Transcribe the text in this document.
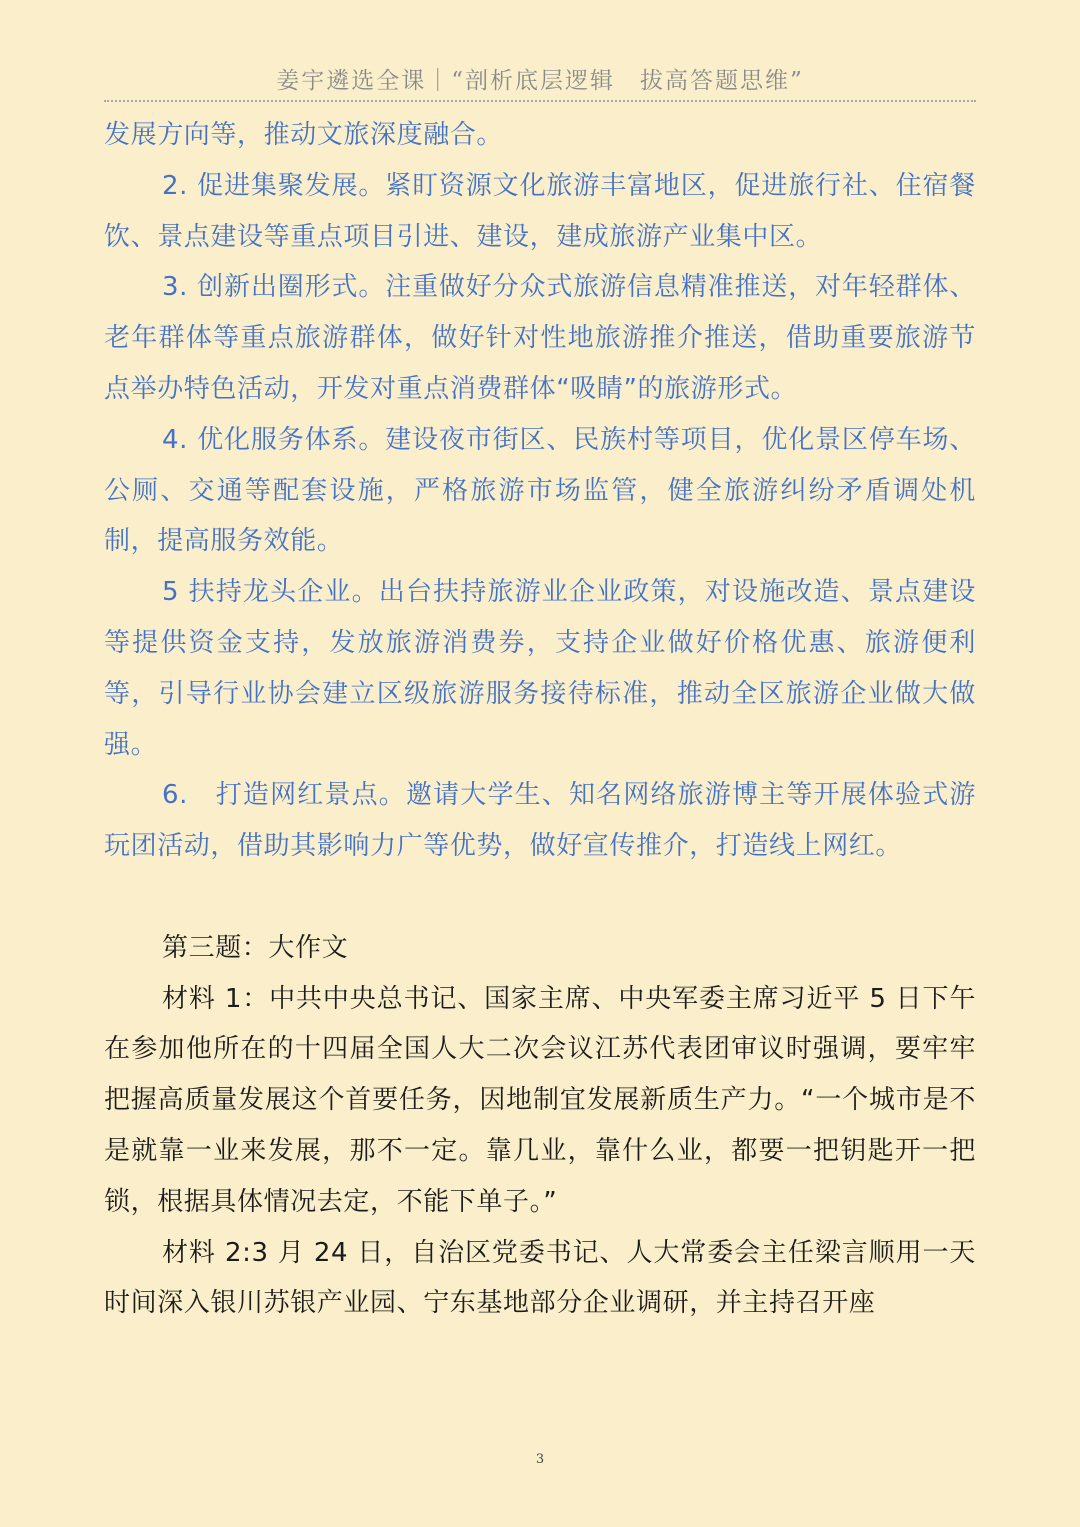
姜宇遴选全课｜“剖析底层逻辑　拔高答题思维”

发展方向等，推动文旅深度融合。

2. 促进集聚发展。紧盯资源文化旅游丰富地区，促进旅行社、住宿餐饮、景点建设等重点项目引进、建设，建成旅游产业集中区。

3. 创新出圈形式。注重做好分众式旅游信息精准推送，对年轻群体、老年群体等重点旅游群体，做好针对性地旅游推介推送，借助重要旅游节点举办特色活动，开发对重点消费群体“吸睛”的旅游形式。

4. 优化服务体系。建设夜市街区、民族村等项目，优化景区停车场、公厕、交通等配套设施，严格旅游市场监管，健全旅游纠纷矛盾调处机制，提高服务效能。

5 扶持龙头企业。出台扶持旅游业企业政策，对设施改造、景点建设等提供资金支持，发放旅游消费券，支持企业做好价格优惠、旅游便利等，引导行业协会建立区级旅游服务接待标准，推动全区旅游企业做大做强。

6.　打造网红景点。邀请大学生、知名网络旅游博主等开展体验式游玩团活动，借助其影响力广等优势，做好宣传推介，打造线上网红。

第三题：大作文

材料 1：中共中央总书记、国家主席、中央军委主席习近平 5 日下午在参加他所在的十四届全国人大二次会议江苏代表团审议时强调，要牢牢把握高质量发展这个首要任务，因地制宜发展新质生产力。“一个城市是不是就靠一业来发展，那不一定。靠几业，靠什么业，都要一把钥匙开一把锁，根据具体情况去定，不能下单子。”

材料 2:3 月 24 日，自治区党委书记、人大常委会主任梁言顺用一天时间深入银川苏银产业园、宁东基地部分企业调研，并主持召开座

3
